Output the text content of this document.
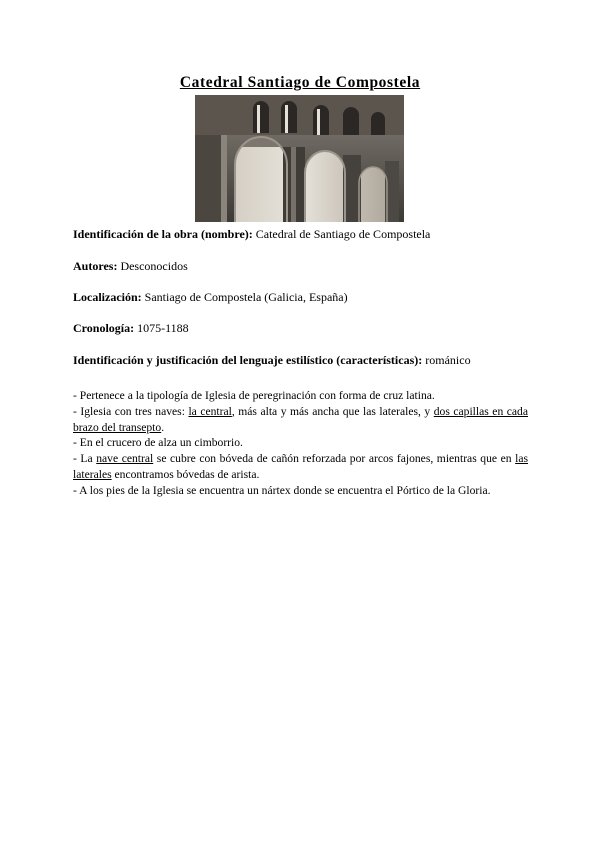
Catedral Santiago de Compostela
Identificación de la obra (nombre): Catedral de Santiago de Compostela
Autores: Desconocidos
Localización: Santiago de Compostela (Galicia, España)
Cronología: 1075-1188
Identificación y justificación del lenguaje estilístico (características): románico

- Pertenece a la tipología de Iglesia de peregrinación con forma de cruz latina.

- Iglesia con tres naves: la central, más alta y más ancha que las laterales, y dos capillas en cada brazo del transepto.

- En el crucero de alza un cimborrio.

- La nave central se cubre con bóveda de cañón reforzada por arcos fajones, mientras que en las laterales encontramos bóvedas de arista.

- A los pies de la Iglesia se encuentra un nártex donde se encuentra el Pórtico de la Gloria.
